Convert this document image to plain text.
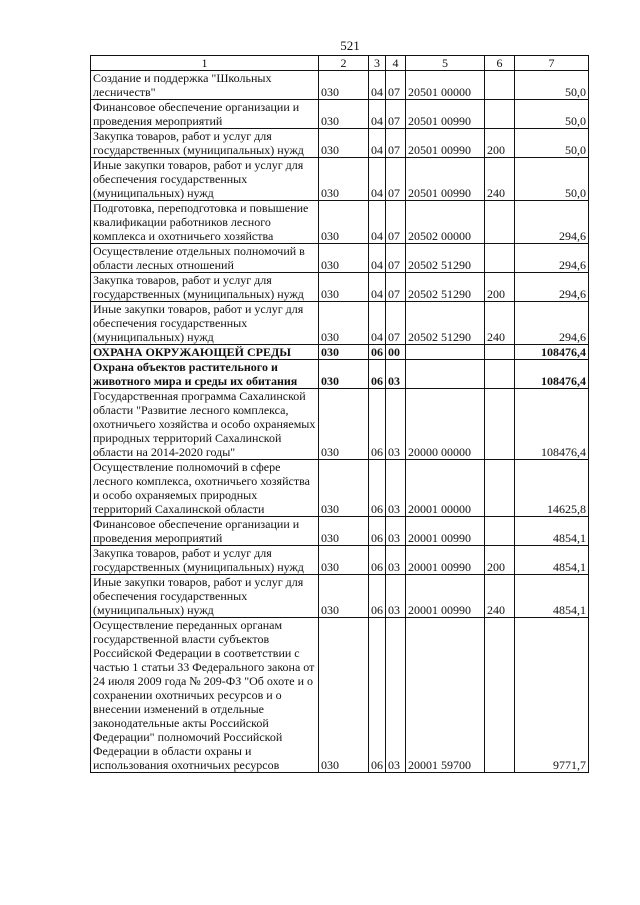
521
1	2	3	4	5	6	7
Создание и поддержка "Школьных лесничеств"	030	04	07	20501 00000		50,0
Финансовое обеспечение организации и проведения мероприятий	030	04	07	20501 00990		50,0
Закупка товаров, работ и услуг для государственных (муниципальных) нужд	030	04	07	20501 00990	200	50,0
Иные закупки товаров, работ и услуг для обеспечения государственных (муниципальных) нужд	030	04	07	20501 00990	240	50,0
Подготовка, переподготовка и повышение квалификации работников лесного комплекса и охотничьего хозяйства	030	04	07	20502 00000		294,6
Осуществление отдельных полномочий в области лесных отношений	030	04	07	20502 51290		294,6
Закупка товаров, работ и услуг для государственных (муниципальных) нужд	030	04	07	20502 51290	200	294,6
Иные закупки товаров, работ и услуг для обеспечения государственных (муниципальных) нужд	030	04	07	20502 51290	240	294,6
ОХРАНА ОКРУЖАЮЩЕЙ СРЕДЫ	030	06	00			108476,4
Охрана объектов растительного и животного мира и среды их обитания	030	06	03			108476,4
Государственная программа Сахалинской области "Развитие лесного комплекса, охотничьего хозяйства и особо охраняемых природных территорий Сахалинской области на 2014-2020 годы"	030	06	03	20000 00000		108476,4
Осуществление полномочий в сфере лесного комплекса, охотничьего хозяйства и особо охраняемых природных территорий Сахалинской области	030	06	03	20001 00000		14625,8
Финансовое обеспечение организации и проведения мероприятий	030	06	03	20001 00990		4854,1
Закупка товаров, работ и услуг для государственных (муниципальных) нужд	030	06	03	20001 00990	200	4854,1
Иные закупки товаров, работ и услуг для обеспечения государственных (муниципальных) нужд	030	06	03	20001 00990	240	4854,1
Осуществление переданных органам государственной власти субъектов Российской Федерации в соответствии с частью 1 статьи 33 Федерального закона от 24 июля 2009 года № 209-ФЗ "Об охоте и о сохранении охотничьих ресурсов и о внесении изменений в отдельные законодательные акты Российской Федерации" полномочий Российской Федерации в области охраны и использования охотничьих ресурсов	030	06	03	20001 59700		9771,7
